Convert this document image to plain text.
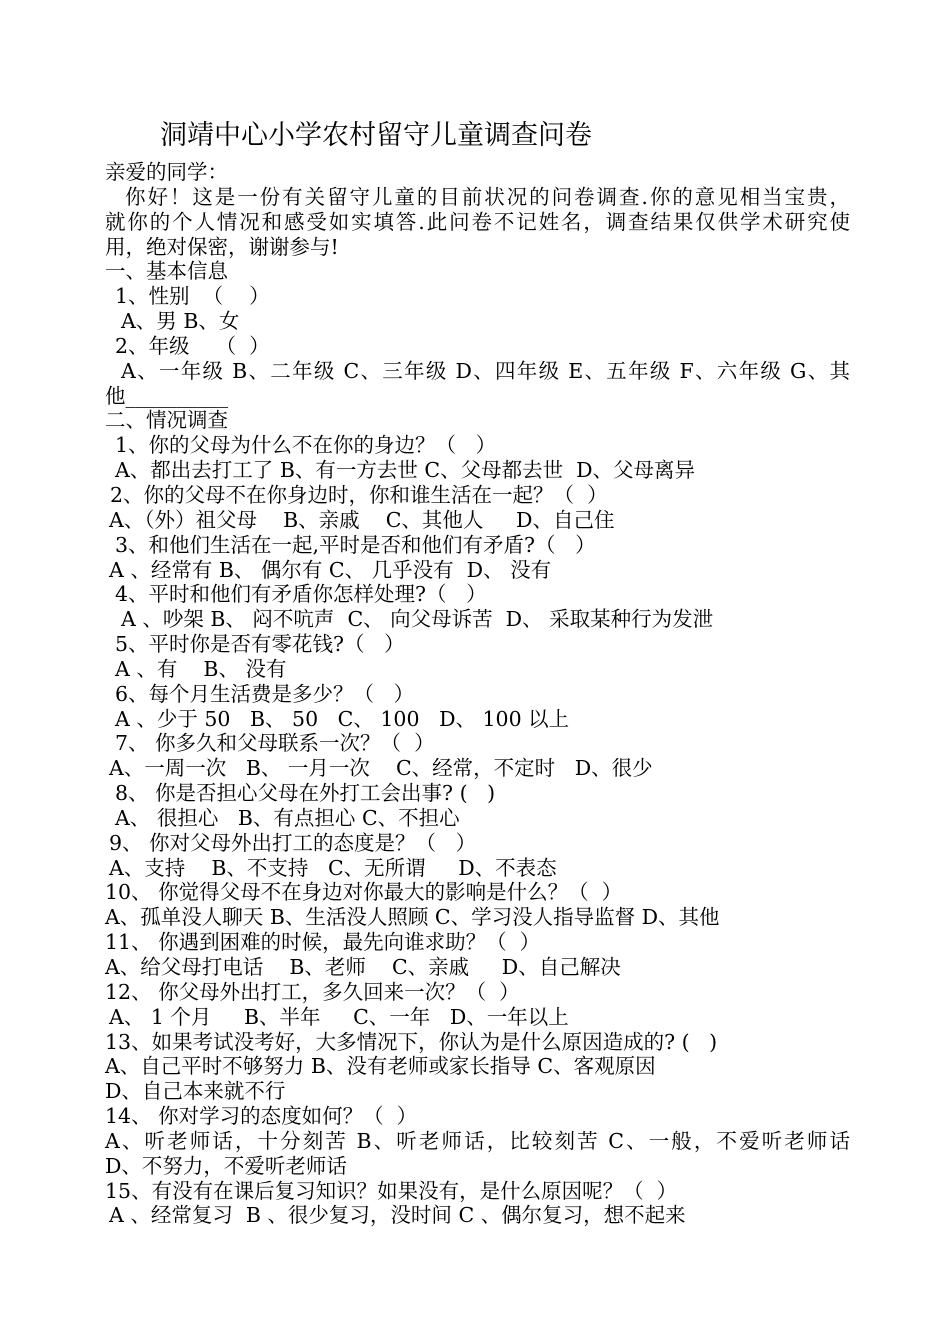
洞靖中心小学农村留守儿童调查问卷
亲爱的同学：
你好！这是一份有关留守儿童的目前状况的问卷调查.你的意见相当宝贵，
就你的个人情况和感受如实填答.此问卷不记姓名，调查结果仅供学术研究使
用，绝对保密，谢谢参与!
一、基本信息
1、性别  （    ）
A、男 B、女
2、年级    （  ）
A、一年级 B、二年级 C、三年级 D、四年级 E、五年级 F、六年级 G、其
他__________
二、情况调查
1、你的父母为什么不在你的身边？（   ）
A、都出去打工了 B、有一方去世 C、父母都去世  D、父母离异
2、你的父母不在你身边时，你和谁生活在一起？（  ）
A、（外）祖父母    B、亲戚    C、其他人     D、自己住
3、和他们生活在一起,平时是否和他们有矛盾?（   ）
A 、经常有 B、 偶尔有 C、 几乎没有  D、 没有
4、平时和他们有矛盾你怎样处理?（   ）
A 、吵架 B、 闷不吭声  C、 向父母诉苦  D、 采取某种行为发泄
5、平时你是否有零花钱?（   ）
A 、有    B、 没有
6、每个月生活费是多少？（   ）
A 、少于 50   B、 50   C、 100   D、 100 以上
7、 你多久和父母联系一次？（  ）
A、一周一次   B、 一月一次    C、经常，不定时   D、很少
8、 你是否担心父母在外打工会出事? (   )
A、 很担心   B、有点担心 C、不担心
9、 你对父母外出打工的态度是？（   ）
A、支持    B、不支持   C、无所谓     D、不表态
10、 你觉得父母不在身边对你最大的影响是什么？（  ）
A、孤单没人聊天 B、生活没人照顾 C、学习没人指导监督 D、其他
11、 你遇到困难的时候，最先向谁求助？（  ）
A、给父母打电话    B、老师    C、亲戚     D、自己解决
12、 你父母外出打工，多久回来一次？（  ）
A、 1 个月     B、半年     C、一年   D、一年以上
13、如果考试没考好，大多情况下，你认为是什么原因造成的? (   )
A、自己平时不够努力 B、没有老师或家长指导 C、客观原因
D、自己本来就不行
14、 你对学习的态度如何？（  ）
A、听老师话，十分刻苦 B、听老师话，比较刻苦 C、一般，不爱听老师话
D、不努力，不爱听老师话
15、有没有在课后复习知识？如果没有，是什么原因呢？（  ）
A 、经常复习  B 、很少复习，没时间 C 、偶尔复习，想不起来
